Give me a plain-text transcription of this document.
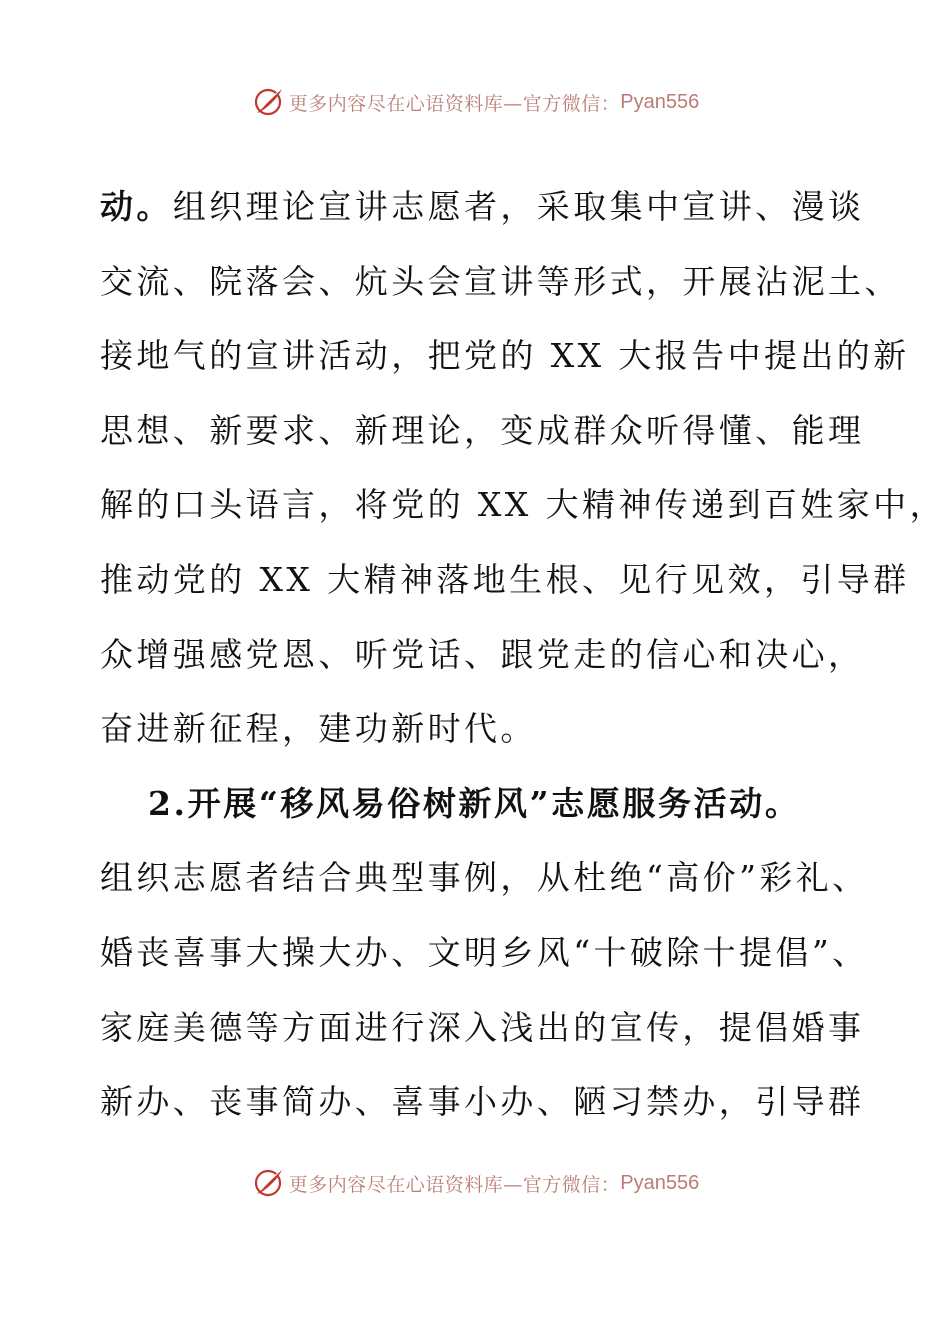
更多内容尽在心语资料库—官方微信： Pyan556
动。组织理论宣讲志愿者，采取集中宣讲、漫谈
交流、院落会、炕头会宣讲等形式，开展沾泥土、
接地气的宣讲活动，把党的 XX 大报告中提出的新
思想、新要求、新理论，变成群众听得懂、能理
解的口头语言，将党的 XX 大精神传递到百姓家中，
推动党的 XX 大精神落地生根、见行见效，引导群
众增强感党恩、听党话、跟党走的信心和决心，
奋进新征程，建功新时代。
2.开展“移风易俗树新风”志愿服务活动。
组织志愿者结合典型事例，从杜绝“高价”彩礼、
婚丧喜事大操大办、文明乡风“十破除十提倡”、
家庭美德等方面进行深入浅出的宣传，提倡婚事
新办、丧事简办、喜事小办、陋习禁办，引导群
更多内容尽在心语资料库—官方微信： Pyan556
